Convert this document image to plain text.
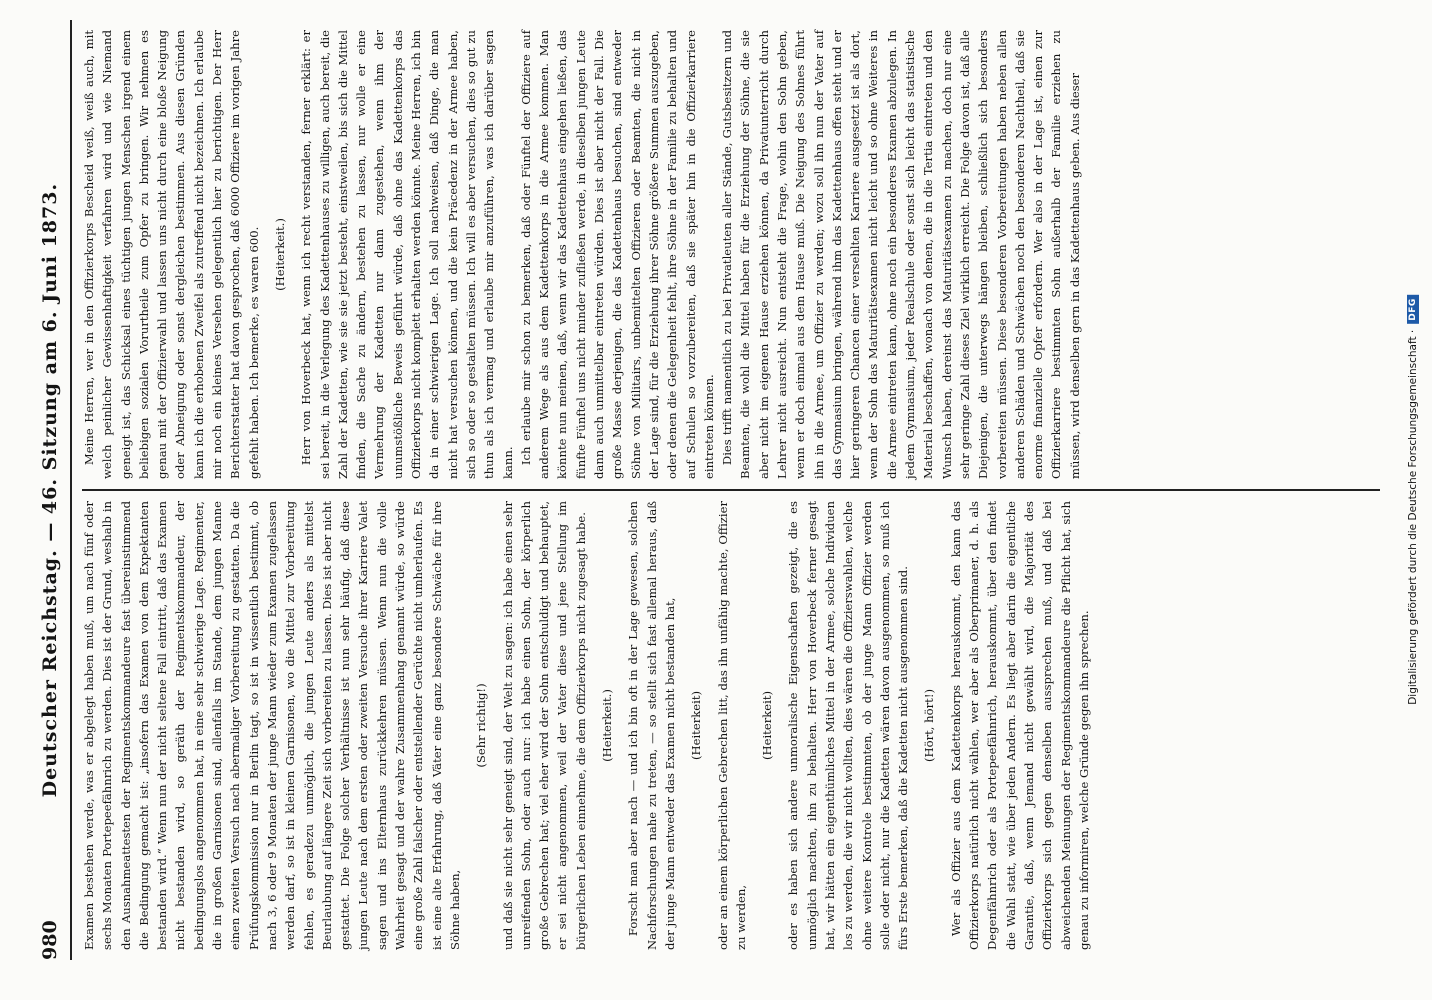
980
Deutscher Reichstag. — 46. Sitzung am 6. Juni 1873. Examen bestehen werde, was er abgelegt haben muß, um nach fünf oder sechs Monaten Portepeefähnrich zu werden. Dies ist der Grund, weshalb in den Ausnahmeattesten der Regimentskommandeure fast übereinstimmend die Bedingung gemacht ist: „insofern das Examen von dem Expektanten bestanden wird.“ Wenn nun der nicht seltene Fall eintritt, daß das Examen nicht bestanden wird, so geräth der Regimentskommandeur, der bedingungslos angenommen hat, in eine sehr schwierige Lage. Regimenter, die in großen Garnisonen sind, allenfalls im Stande, dem jungen Manne einen zweiten Versuch nach abermaliger Vorbereitung zu gestatten. Da die Prüfungskommission nur in Berlin tagt, so ist in wissentlich bestimmt, ob nach 3, 6 oder 9 Monaten der junge Mann wieder zum Examen zugelassen werden darf, so ist in kleinen Garnisonen, wo die Mittel zur Vorbereitung fehlen, es geradezu unmöglich, die jungen Leute anders als mittelst Beurlaubung auf längere Zeit sich vorbereiten zu lassen. Dies ist aber nicht gestattet. Die Folge solcher Verhältnisse ist nun sehr häufig, daß diese jungen Leute nach dem ersten oder zweiten Versuche ihrer Karriere Valet sagen und ins Elternhaus zurückkehren müssen. Wenn nun die volle Wahrheit gesagt und der wahre Zusammenhang genannt würde, so würde eine große Zahl falscher oder entstellender Gerüchte nicht umherlaufen. Es ist eine alte Erfahrung, daß Väter eine ganz besondere Schwäche für ihre Söhne haben,

(Sehr richtig!) und daß sie nicht sehr geneigt sind, der Welt zu sagen: ich habe einen sehr unreifenden Sohn, oder auch nur: ich habe einen Sohn, der körperlich große Gebrechen hat; viel eher wird der Sohn entschuldigt und behauptet, er sei nicht angenommen, weil der Vater diese und jene Stellung im bürgerlichen Leben einnehme, die dem Offizierkorps nicht zugesagt habe. (Heiterkeit.) Forscht man aber nach — und ich bin oft in der Lage gewesen, solchen Nachforschungen nahe zu treten, — so stellt sich fast allemal heraus, daß der junge Mann entweder das Examen nicht bestanden hat, (Heiterkeit) oder an einem körperlichen Gebrechen litt, das ihn unfähig machte, Offizier zu werden,

(Heiterkeit) oder es haben sich andere unmoralische Eigenschaften gezeigt, die es unmöglich machten, ihn zu behalten. Herr von Hoverbeck ferner gesagt hat, wir hätten ein eigenthümliches Mittel in der Armee, solche Individuen los zu werden, die wir nicht wollten, dies wären die Offizierswahlen, welche ohne weitere Kontrole bestimmten, ob der junge Mann Offizier werden solle oder nicht, nur die Kadetten wären davon ausgenommen, so muß ich fürs Erste bemerken, daß die Kadetten nicht ausgenommen sind. (Hört, hört!) Wer als Offizier aus dem Kadettenkorps herauskommt, den kann das Offizierkorps natürlich nicht wählen, wer aber als Oberprimaner, d. h. als Degenfähnrich oder als Portepeefähnrich, herauskommt, über den findet die Wahl statt, wie über jeden Andern. Es liegt aber darin die eigentliche Garantie, daß, wenn Jemand nicht gewählt wird, die Majorität des Offizierkorps sich gegen denselben aussprechen muß, und daß bei abweichenden Meinungen der Regimentskommandeure die Pflicht hat, sich genau zu informiren, welche Gründe gegen ihn sprechen.

Meine Herren, wer in den Offizierkorps Bescheid weiß, weiß auch, mit welch peinlicher Gewissenhaftigkeit verfahren wird und wie Niemand geneigt ist, das Schicksal eines tüchtigen jungen Menschen irgend einem beliebigen sozialen Vorurtheile zum Opfer zu bringen. Wir nehmen es genau mit der Offizierwahl und lassen uns nicht durch eine bloße Neigung oder Abneigung oder sonst dergleichen bestimmen. Aus diesen Gründen kann ich die erhobenen Zweifel als zutreffend nicht bezeichnen. Ich erlaube mir noch ein kleines Versehen gelegentlich hier zu berichtigen. Der Herr Berichterstatter hat davon gesprochen, daß 6000 Offiziere im vorigen Jahre gefehlt haben. Ich bemerke, es waren 600. (Heiterkeit.) Herr von Hoverbeck hat, wenn ich recht verstanden, ferner erklärt: er sei bereit, in die Verlegung des Kadettenhauses zu willigen, auch bereit, die Zahl der Kadetten, wie sie sie jetzt besteht, einstweilen, bis sich die Mittel finden, die Sache zu ändern, bestehen zu lassen, nur wolle er eine Vermehrung der Kadetten nur dann zugestehen, wenn ihm der unumstößliche Beweis geführt würde, daß ohne das Kadettenkorps das Offizierkorps nicht komplett erhalten werden könnte. Meine Herren, ich bin da in einer schwierigen Lage. Ich soll nachweisen, daß Dinge, die man nicht hat versuchen können, und die kein Präcedenz in der Armee haben, sich so oder so gestalten müssen. Ich will es aber versuchen, dies so gut zu thun als ich vermag und erlaube mir anzuführen, was ich darüber sagen kann. Ich erlaube mir schon zu bemerken, daß oder Fünftel der Offiziere auf anderem Wege als aus dem Kadettenkorps in die Armee kommen. Man könnte nun meinen, daß, wenn wir das Kadettenhaus eingehen ließen, das fünfte Fünftel uns nicht minder zufließen werde, in dieselben jungen Leute dann auch unmittelbar eintreten würden. Dies ist aber nicht der Fall. Die große Masse derjenigen, die das Kadettenhaus besuchen, sind entweder Söhne von Militairs, unbemittelten Offizieren oder Beamten, die nicht in der Lage sind, für die Erziehung ihrer Söhne größere Summen auszugeben, oder denen die Gelegenheit fehlt, ihre Söhne in der Familie zu behalten und auf Schulen so vorzubereiten, daß sie später hin in die Offizierkarriere eintreten können. Dies trifft namentlich zu bei Privatleuten aller Stände, Gutsbesitzern und Beamten, die wohl die Mittel haben für die Erziehung der Söhne, die sie aber nicht im eigenen Hause erziehen können, da Privatunterricht durch Lehrer nicht ausreicht. Nun entsteht die Frage, wohin den Sohn geben, wenn er doch einmal aus dem Hause muß. Die Neigung des Sohnes führt ihn in die Armee, um Offizier zu werden; wozu soll ihn nun der Vater auf das Gymnasium bringen, während ihm das Kadettenhaus offen steht und er hier geringeren Chancen einer versehlten Karriere ausgesetzt ist als dort, wenn der Sohn das Maturitätsexamen nicht leicht und so ohne Weiteres in die Armee eintreten kann, ohne noch ein besonderes Examen abzulegen. In jedem Gymnasium, jeder Realschule oder sonst sich leicht das statistische Material beschaffen, wonach von denen, die in die Tertia eintreten und den Wunsch haben, dereinst das Maturitätsexamen zu machen, doch nur eine sehr geringe Zahl dieses Ziel wirklich erreicht. Die Folge davon ist, daß alle Diejenigen, die unterwegs hängen bleiben, schließlich sich besonders vorbereiten müssen. Diese besonderen Vorbereitungen haben neben allen anderen Schäden und Schwächen noch den besonderen Nachtheil, daß sie enorme finanzielle Opfer erfordern. Wer also in der Lage ist, einen zur Offizierkarriere bestimmten Sohn außerhalb der Familie erziehen zu müssen, wird denselben gern in das Kadettenhaus geben. Aus dieser

Digitalisierung gefördert durch die Deutsche Forschungsgemeinschaft ·
DFG
